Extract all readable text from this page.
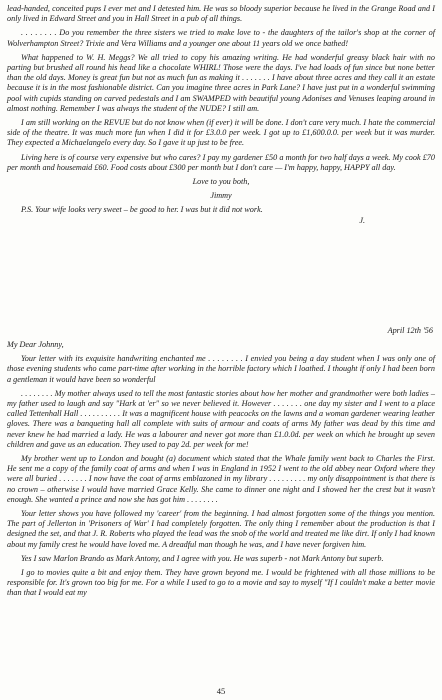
lead-handed, conceited pups I ever met and I detested him. He was so bloody superior because he lived in the Grange Road and I only lived in Edward Street and you in Hall Street in a pub of all things.

. . . . . . . . Do you remember the three sisters we tried to make love to - the daughters of the tailor's shop at the corner of Wolverhampton Street? Trixie and Vera Williams and a younger one about 11 years old we once bathed!

What happened to W. H. Meggs? We all tried to copy his amazing writing. He had wonderful greasy black hair with no parting but brushed all round his head like a chocolate WHIRL! Those were the days. I've had loads of fun since but none better than the old days. Money is great fun but not as much fun as making it . . . . . . . I have about three acres and they call it an estate because it is in the most fashionable district. Can you imagine three acres in Park Lane? I have just put in a wonderful swimming pool with cupids standing on carved pedestals and I am SWAMPED with beautiful young Adonises and Venuses leaping around in almost nothing. Remember I was always the student of the NUDE? I still am.

I am still working on the REVUE but do not know when (if ever) it will be done. I don't care very much. I hate the commercial side of the theatre. It was much more fun when I did it for £3.0.0 per week. I got up to £1,600.0.0. per week but it was murder. They expected a Michaelangelo every day. So I gave it up just to be free.

Living here is of course very expensive but who cares? I pay my gardener £50 a month for two half days a week. My cook £70 per month and housemaid £60. Food costs about £300 per month but I don't care — I'm happy, happy, HAPPY all day.

Love to you both,

Jimmy

P.S. Your wife looks very sweet – be good to her. I was but it did not work.

J.

April 12th '56

My Dear Johnny,

Your letter with its exquisite handwriting enchanted me . . . . . . . . I envied you being a day student when I was only one of those evening students who came part-time after working in the horrible factory which I loathed. I thought if only I had been born a gentleman it would have been so wonderful

. . . . . . . . My mother always used to tell the most fantastic stories about how her mother and grandmother were both ladies – my father used to laugh and say "Hark at 'er" so we never believed it. However . . . . . . . one day my sister and I went to a place called Tettenhall Hall . . . . . . . . . . It was a magnificent house with peacocks on the lawns and a woman gardener wearing leather gloves. There was a banqueting hall all complete with suits of armour and coats of arms My father was dead by this time and never knew he had married a lady. He was a labourer and never got more than £1.0.0d. per week on which he brought up seven children and gave us an education. They used to pay 2d. per week for me!

My brother went up to London and bought (a) document which stated that the Whale family went back to Charles the First. He sent me a copy of the family coat of arms and when I was in England in 1952 I went to the old abbey near Oxford where they were all buried . . . . . . . I now have the coat of arms emblazoned in my library . . . . . . . . . my only disappointment is that there is no crown – otherwise I would have married Grace Kelly. She came to dinner one night and I showed her the crest but it wasn't enough. She wanted a prince and now she has got him . . . . . . . .

Your letter shows you have followed my 'career' from the beginning. I had almost forgotten some of the things you mention. The part of Jellerton in 'Prisoners of War' I had completely forgotten. The only thing I remember about the production is that I designed the set, and that J. R. Roberts who played the lead was the snob of the world and treated me like dirt. If only I had known about my family crest he would have loved me. A dreadful man though he was, and I have never forgiven him.

Yes I saw Marlon Brando as Mark Antony, and I agree with you. He was superb - not Mark Antony but superb.

I go to movies quite a bit and enjoy them. They have grown beyond me. I would be frightened with all those millions to be responsible for. It's grown too big for me. For a while I used to go to a movie and say to myself "If I couldn't make a better movie than that I would eat my

45
